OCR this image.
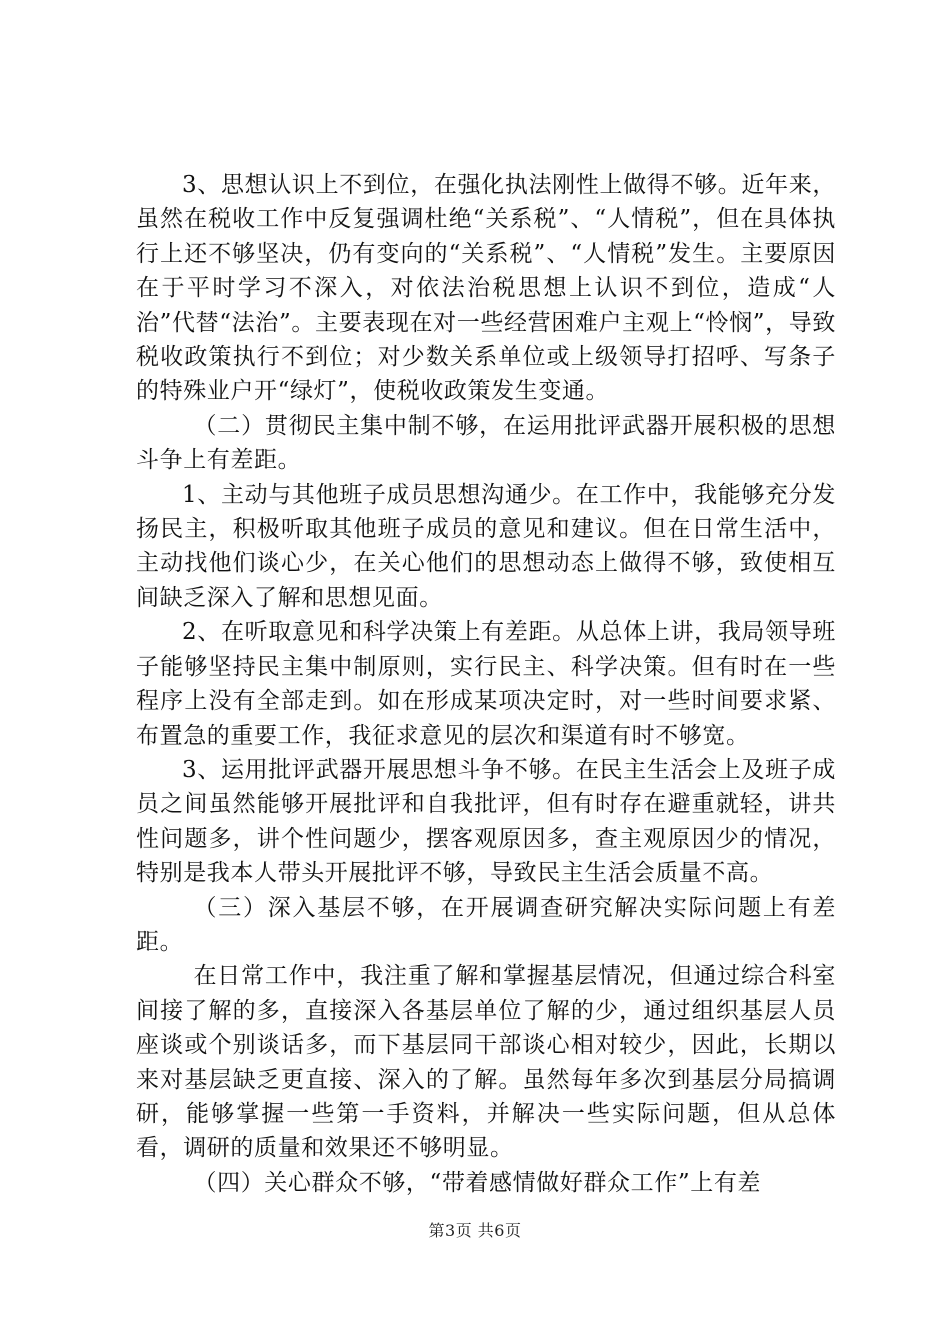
3、思想认识上不到位，在强化执法刚性上做得不够。近年来，虽然在税收工作中反复强调杜绝“关系税”、“人情税”，但在具体执行上还不够坚决，仍有变向的“关系税”、“人情税”发生。主要原因在于平时学习不深入，对依法治税思想上认识不到位，造成“人治”代替“法治”。主要表现在对一些经营困难户主观上“怜悯”，导致税收政策执行不到位；对少数关系单位或上级领导打招呼、写条子的特殊业户开“绿灯”，使税收政策发生变通。

（二）贯彻民主集中制不够，在运用批评武器开展积极的思想斗争上有差距。

1、主动与其他班子成员思想沟通少。在工作中，我能够充分发扬民主，积极听取其他班子成员的意见和建议。但在日常生活中，主动找他们谈心少，在关心他们的思想动态上做得不够，致使相互间缺乏深入了解和思想见面。

2、在听取意见和科学决策上有差距。从总体上讲，我局领导班子能够坚持民主集中制原则，实行民主、科学决策。但有时在一些程序上没有全部走到。如在形成某项决定时，对一些时间要求紧、布置急的重要工作，我征求意见的层次和渠道有时不够宽。

3、运用批评武器开展思想斗争不够。在民主生活会上及班子成员之间虽然能够开展批评和自我批评，但有时存在避重就轻，讲共性问题多，讲个性问题少，摆客观原因多，查主观原因少的情况，特别是我本人带头开展批评不够，导致民主生活会质量不高。

（三）深入基层不够，在开展调查研究解决实际问题上有差距。

在日常工作中，我注重了解和掌握基层情况，但通过综合科室间接了解的多，直接深入各基层单位了解的少，通过组织基层人员座谈或个别谈话多，而下基层同干部谈心相对较少，因此，长期以来对基层缺乏更直接、深入的了解。虽然每年多次到基层分局搞调研，能够掌握一些第一手资料，并解决一些实际问题，但从总体看，调研的质量和效果还不够明显。

（四）关心群众不够，“带着感情做好群众工作”上有差

第3页 共6页
